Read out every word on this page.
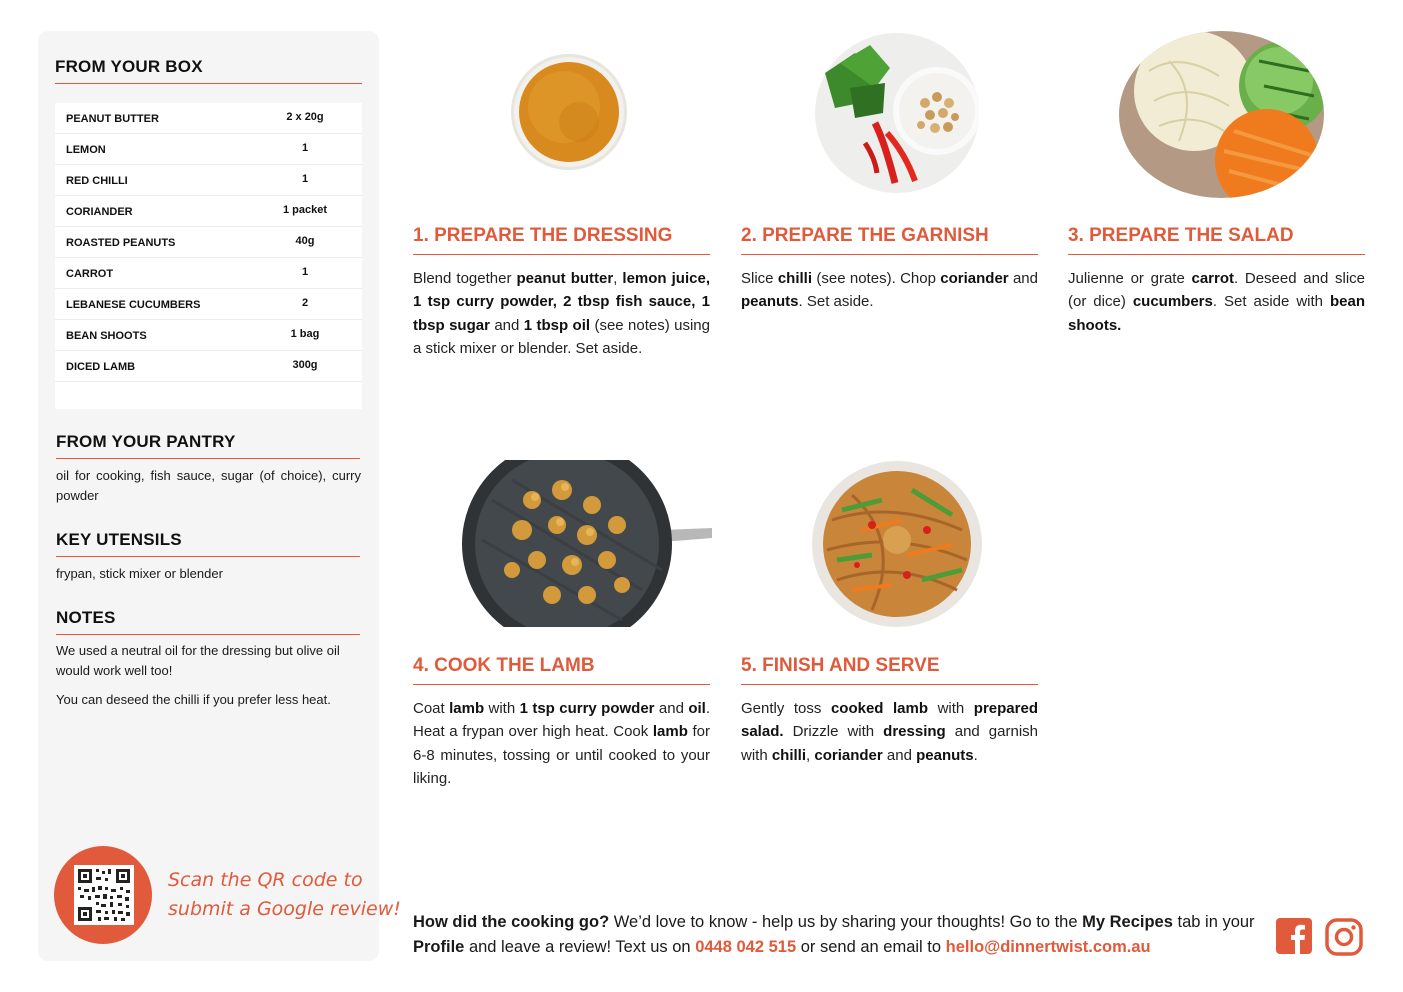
FROM YOUR BOX
PEANUT BUTTER	2 x 20g
LEMON	1
RED CHILLI	1
CORIANDER	1 packet
ROASTED PEANUTS	40g
CARROT	1
LEBANESE CUCUMBERS	2
BEAN SHOOTS	1 bag
DICED LAMB	300g
FROM YOUR PANTRY
oil for cooking, fish sauce, sugar (of choice), curry powder
KEY UTENSILS
frypan, stick mixer or blender
NOTES
We used a neutral oil for the dressing but olive oil would work well too!
You can deseed the chilli if you prefer less heat.
Scan the QR code to
submit a Google review!
1. PREPARE THE DRESSING
Blend together peanut butter, lemon juice, 1 tsp curry powder, 2 tbsp fish sauce, 1 tbsp sugar and 1 tbsp oil (see notes) using a stick mixer or blender. Set aside.
2. PREPARE THE GARNISH
Slice chilli (see notes). Chop coriander and peanuts. Set aside.
3. PREPARE THE SALAD
Julienne or grate carrot. Deseed and slice (or dice) cucumbers. Set aside with bean shoots.
4. COOK THE LAMB
Coat lamb with 1 tsp curry powder and oil. Heat a frypan over high heat. Cook lamb for 6-8 minutes, tossing or until cooked to your liking.
5. FINISH AND SERVE
Gently toss cooked lamb with prepared salad. Drizzle with dressing and garnish with chilli, coriander and peanuts.
How did the cooking go? We’d love to know - help us by sharing your thoughts! Go to the My Recipes tab in your Profile and leave a review! Text us on 0448 042 515 or send an email to hello@dinnertwist.com.au
